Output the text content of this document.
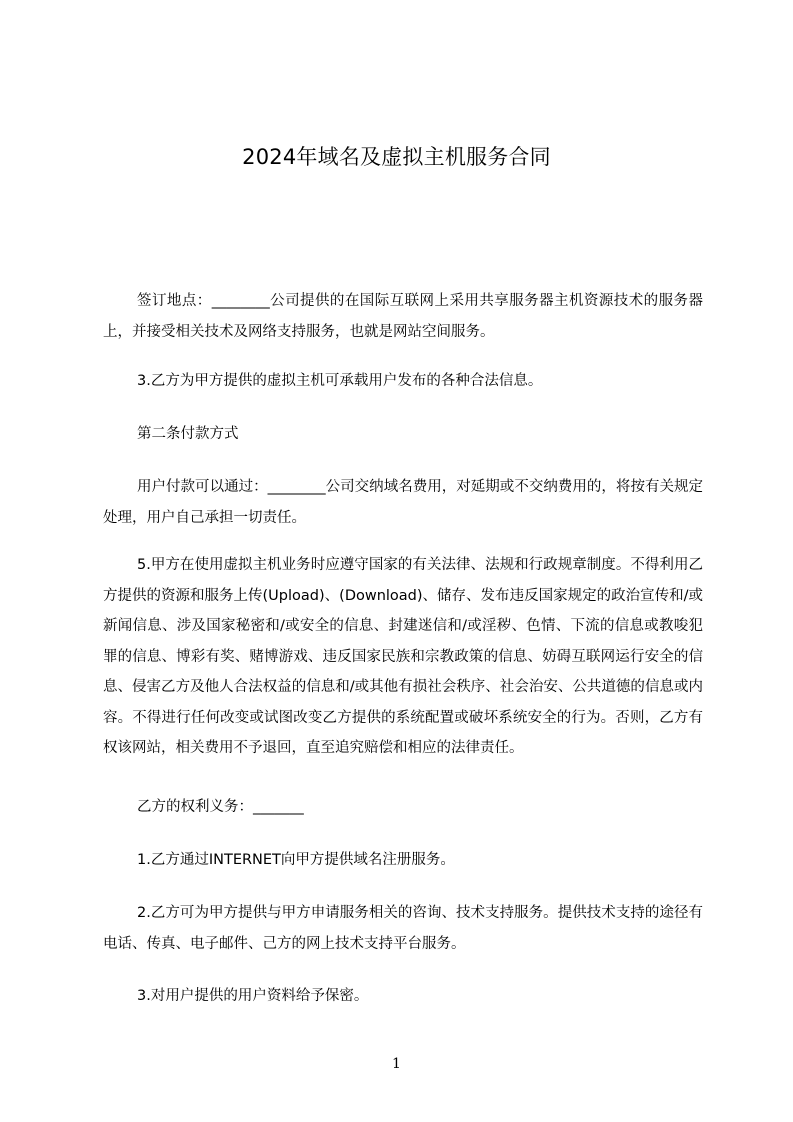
2024年域名及虚拟主机服务合同
签订地点：________公司提供的在国际互联网上采用共享服务器主机资源技术的服务器上，并接受相关技术及网络支持服务，也就是网站空间服务。
3.乙方为甲方提供的虚拟主机可承载用户发布的各种合法信息。
第二条付款方式
用户付款可以通过：________公司交纳域名费用，对延期或不交纳费用的，将按有关规定处理，用户自己承担一切责任。
5.甲方在使用虚拟主机业务时应遵守国家的有关法律、法规和行政规章制度。不得利用乙方提供的资源和服务上传(Upload)、(Download)、储存、发布违反国家规定的政治宣传和/或新闻信息、涉及国家秘密和/或安全的信息、封建迷信和/或淫秽、色情、下流的信息或教唆犯罪的信息、博彩有奖、赌博游戏、违反国家民族和宗教政策的信息、妨碍互联网运行安全的信息、侵害乙方及他人合法权益的信息和/或其他有损社会秩序、社会治安、公共道德的信息或内容。不得进行任何改变或试图改变乙方提供的系统配置或破坏系统安全的行为。否则，乙方有权该网站，相关费用不予退回，直至追究赔偿和相应的法律责任。
乙方的权利义务：_______
1.乙方通过INTERNET向甲方提供域名注册服务。
2.乙方可为甲方提供与甲方申请服务相关的咨询、技术支持服务。提供技术支持的途径有电话、传真、电子邮件、己方的网上技术支持平台服务。
3.对用户提供的用户资料给予保密。
1
